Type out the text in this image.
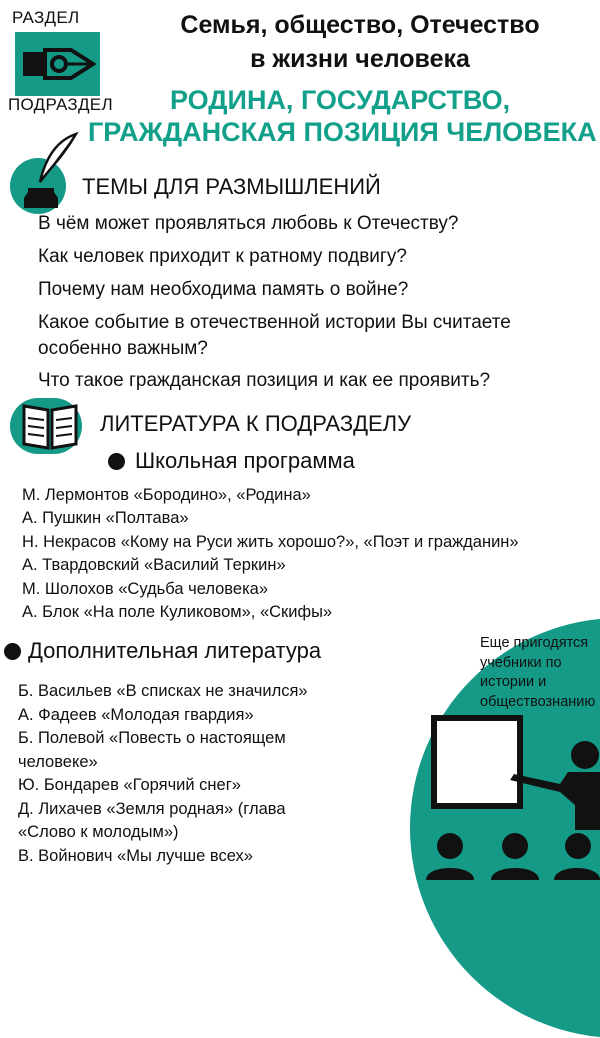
РАЗДЕЛ
ПОДРАЗДЕЛ
Семья, общество, Отечество
в жизни человека
РОДИНА, ГОСУДАРСТВО,
ГРАЖДАНСКАЯ ПОЗИЦИЯ ЧЕЛОВЕКА
ТЕМЫ ДЛЯ РАЗМЫШЛЕНИЙ
В чём может проявляться любовь к Отечеству?
Как человек приходит к ратному подвигу?
Почему нам необходима память о войне?
Какое событие в отечественной истории Вы считаете
особенно важным?
Что такое гражданская позиция и как ее проявить?
ЛИТЕРАТУРА К ПОДРАЗДЕЛУ
Школьная программа
М. Лермонтов «Бородино», «Родина»
А. Пушкин «Полтава»
Н. Некрасов «Кому на Руси жить хорошо?», «Поэт и гражданин»
А. Твардовский «Василий Теркин»
М. Шолохов «Судьба человека»
А. Блок «На поле Куликовом», «Скифы»
Дополнительная литература	Еще пригодятся
учебники по
истории и
обществознанию
Б. Васильев «В списках не значился»
А. Фадеев «Молодая гвардия»
Б. Полевой «Повесть о настоящем
человеке»
Ю. Бондарев «Горячий снег»
Д. Лихачев «Земля родная» (глава
«Слово к молодым»)
В. Войнович «Мы лучше всех»
